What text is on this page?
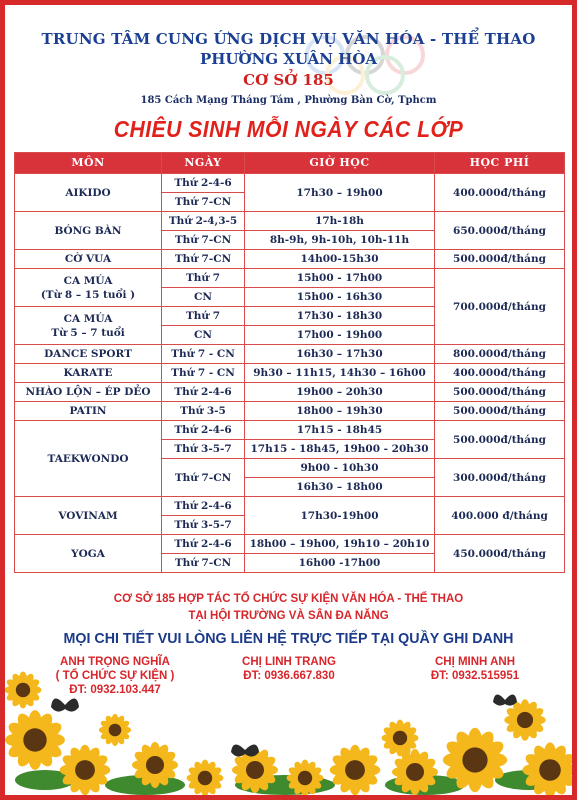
TRUNG TÂM CUNG ỨNG DỊCH VỤ VĂN HÓA - THỂ THAO
PHƯỜNG XUÂN HÒA
CƠ SỞ 185
185 Cách Mạng Tháng Tám , Phường Bàn Cờ, Tphcm
CHIÊU SINH MỖI NGÀY CÁC LỚP
MÔN	NGÀY	GIỜ HỌC	HỌC PHÍ
AIKIDO	Thứ 2-4-6	17h30 – 19h00	400.000đ/tháng
	Thứ 7-CN		
BÓNG BÀN	Thứ 2-4,3-5	17h-18h	650.000đ/tháng
	Thứ 7-CN	8h-9h, 9h-10h, 10h-11h	
CỜ VUA	Thứ 7-CN	14h00-15h30	500.000đ/tháng

CA MÚA
(Từ 8 – 15 tuổi )	Thứ 7	15h00 - 17h00	700.000đ/tháng
	CN	15h00 - 16h30	

CA MÚA
Từ 5 – 7 tuổi	Thứ 7	17h30 - 18h30	
	CN	17h00 - 19h00	
DANCE SPORT	Thứ 7 - CN	16h30 – 17h30	800.000đ/tháng
KARATE	Thứ 7 - CN	9h30 – 11h15, 14h30 – 16h00	400.000đ/tháng
NHÀO LỘN – ÉP DẺO	Thứ 2-4-6	19h00 – 20h30	500.000đ/tháng
PATIN	Thứ 3-5	18h00 – 19h30	500.000đ/tháng
TAEKWONDO	Thứ 2-4-6	17h15 - 18h45	500.000đ/tháng
	Thứ 3-5-7	17h15 - 18h45, 19h00 - 20h30	
	Thứ 7-CN	9h00 - 10h30	300.000đ/tháng
		16h30 – 18h00	
VOVINAM	Thứ 2-4-6	17h30-19h00	400.000 đ/tháng
	Thứ 3-5-7		
YOGA	Thứ 2-4-6	18h00 – 19h00, 19h10 – 20h10	450.000đ/tháng
	Thứ 7-CN	16h00 -17h00	
CƠ SỞ 185 HỢP TÁC TỔ CHỨC SỰ KIỆN VĂN HÓA - THỂ THAO
TẠI HỘI TRƯỜNG VÀ SÂN ĐA NĂNG
MỌI CHI TIẾT VUI LÒNG LIÊN HỆ TRỰC TIẾP TẠI QUẦY GHI DANH
ANH TRỌNG NGHĨA
( TỔ CHỨC SỰ KIỆN )
ĐT: 0932.103.447
CHỊ LINH TRANG
ĐT: 0936.667.830
CHỊ MINH ANH
ĐT: 0932.515951
